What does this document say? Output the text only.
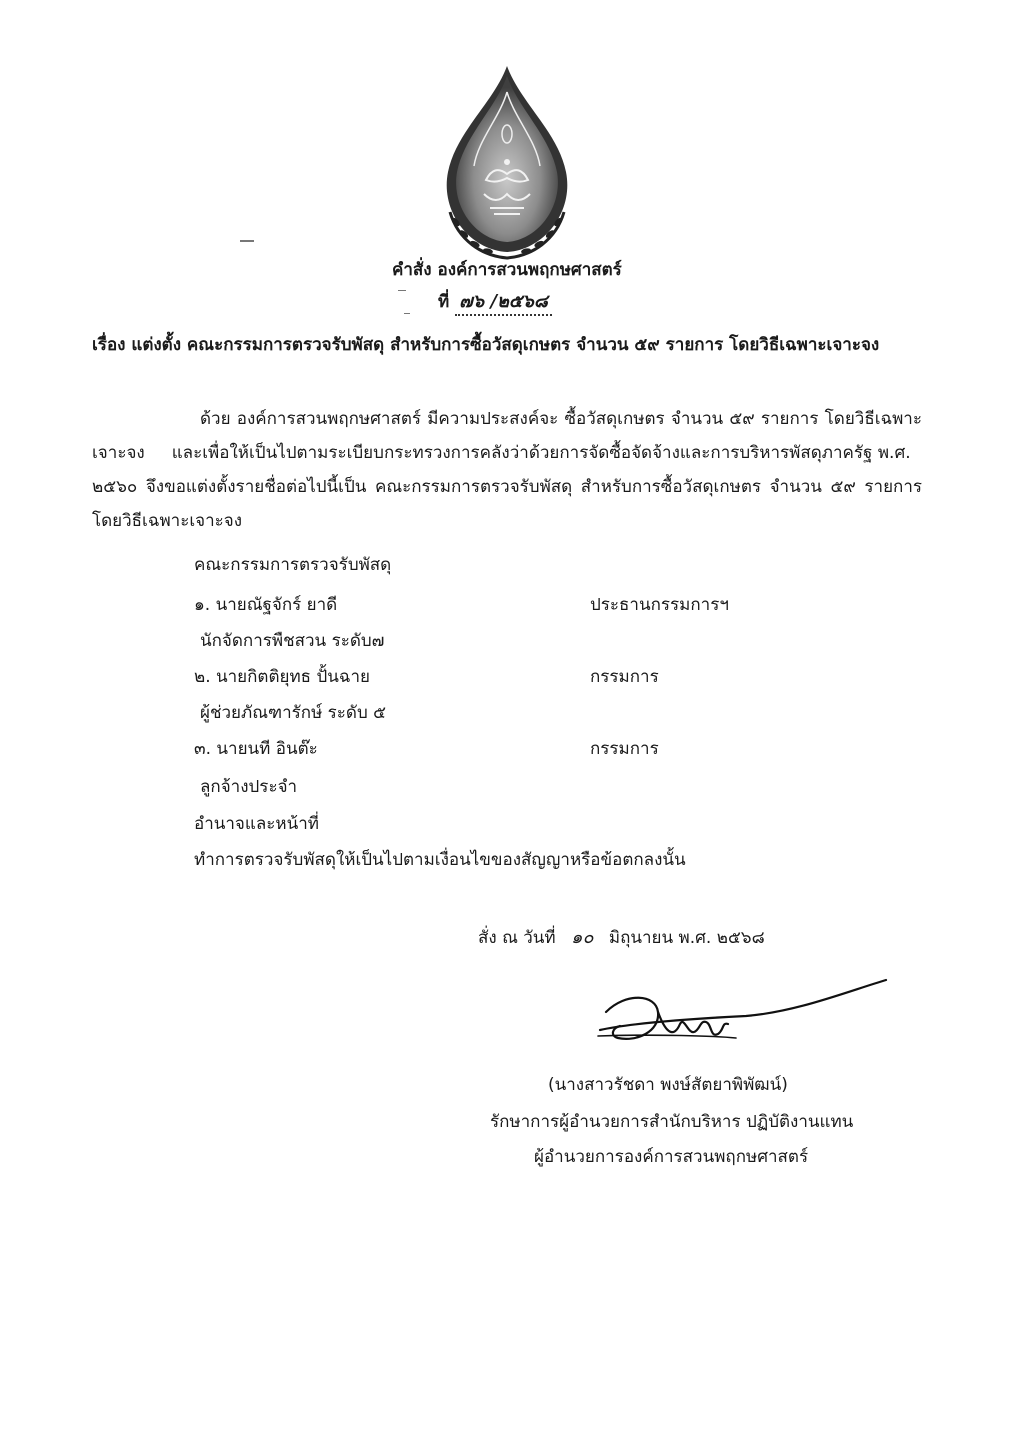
คำสั่ง องค์การสวนพฤกษศาสตร์
ที่ ๗๖ /๒๕๖๘
เรื่อง แต่งตั้ง คณะกรรมการตรวจรับพัสดุ สำหรับการซื้อวัสดุเกษตร จำนวน ๕๙ รายการ โดยวิธีเฉพาะเจาะจง

ด้วย องค์การสวนพฤกษศาสตร์ มีความประสงค์จะ ซื้อวัสดุเกษตร จำนวน ๕๙ รายการ โดยวิธีเฉพาะ

เจาะจง     และเพื่อให้เป็นไปตามระเบียบกระทรวงการคลังว่าด้วยการจัดซื้อจัดจ้างและการบริหารพัสดุภาครัฐ พ.ศ.

๒๕๖๐ จึงขอแต่งตั้งรายชื่อต่อไปนี้เป็น คณะกรรมการตรวจรับพัสดุ สำหรับการซื้อวัสดุเกษตร จำนวน ๕๙ รายการ

โดยวิธีเฉพาะเจาะจง

คณะกรรมการตรวจรับพัสดุ
๑. นายณัฐจักร์ ยาดี	ประธานกรรมการฯ
นักจัดการพืชสวน ระดับ๗
๒. นายกิตติยุทธ ปั้นฉาย	กรรมการ
ผู้ช่วยภัณฑารักษ์ ระดับ ๕
๓. นายนที อินต๊ะ	กรรมการ
ลูกจ้างประจำ
อำนาจและหน้าที่
ทำการตรวจรับพัสดุให้เป็นไปตามเงื่อนไขของสัญญาหรือข้อตกลงนั้น
สั่ง ณ วันที่ ๑๐ มิถุนายน พ.ศ. ๒๕๖๘
(นางสาวรัชดา พงษ์สัตยาพิพัฒน์)
รักษาการผู้อำนวยการสำนักบริหาร ปฏิบัติงานแทน
ผู้อำนวยการองค์การสวนพฤกษศาสตร์
